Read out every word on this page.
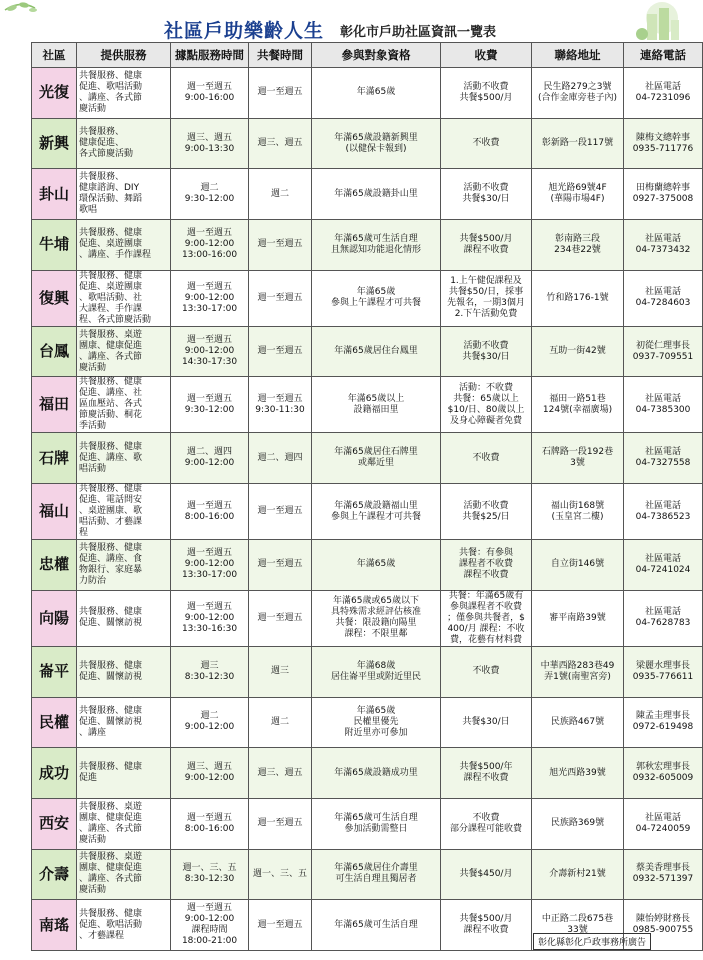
社區戶助樂齡人生 彰化市戶助社區資訊一覽表
社區	提供服務	據點服務時間	共餐時間	參與對象資格	收費	聯絡地址	連絡電話

光復	共餐服務、健康
促進、歌唱活動
、講座、各式節
慶活動	週一至週五
9:00-16:00	週一至週五	年滿65歲	活動不收費
共餐$500/月	民生路279之3號
(合作金庫旁巷子內)	社區電話
04-7231096

新興	共餐服務、
健康促進、
各式節慶活動	週三、週五
9:00-13:30	週三、週五	年滿65歲設籍新興里
(以健保卡報到)	不收費	彰新路一段117號	陳梅文總幹事
0935-711776

卦山	共餐服務、
健康諮詢、DIY
環保活動、舞蹈
歌唱	週二
9:30-12:00	週二	年滿65歲設籍卦山里	活動不收費
共餐$30/日	旭光路69號4F
(華陽市場4F)	田梅蘭總幹事
0927-375008

牛埔	共餐服務、健康
促進、桌遊團康
、講座、手作課程	週一至週五
9:00-12:00
13:00-16:00	週一至週五	年滿65歲可生活自理
且無認知功能退化情形	共餐$500/月
課程不收費	彰南路三段
234巷22號	社區電話
04-7373432

復興	共餐服務、健康
促進、桌遊團康
、歌唱活動、社
大課程、手作課
程、各式節慶活動	週一至週五
9:00-12:00
13:30-17:00	週一至週五	年滿65歲
參與上午課程才可共餐	1.上午健促課程及
共餐$50/日，採事
先報名，一期3個月
2.下午活動免費	竹和路176-1號	社區電話
04-7284603

台鳳	共餐服務、桌遊
團康、健康促進
、講座、各式節
慶活動	週一至週五
9:00-12:00
14:30-17:30	週一至週五	年滿65歲居住台鳳里	活動不收費
共餐$30/日	互助一街42號	初從仁理事長
0937-709551

福田	共餐服務、健康
促進、講座、社
區血壓站、各式
節慶活動、桐花
季活動	週一至週五
9:30-12:00	週一至週五
9:30-11:30	年滿65歲以上
設籍福田里	活動：不收費
共餐：65歲以上
$10/日、80歲以上
及身心障礙者免費	福田一路51巷
124號(幸福廣場)	社區電話
04-7385300

石牌	共餐服務、健康
促進、講座、歌
唱活動	週二、週四
9:00-12:00	週二、週四	年滿65歲居住石牌里
或鄰近里	不收費	石牌路一段192巷
3號	社區電話
04-7327558

福山	共餐服務、健康
促進、電話問安
、桌遊團康、歌
唱活動、才藝課
程	週一至週五
8:00-16:00	週一至週五	年滿65歲設籍福山里
參與上午課程才可共餐	活動不收費
共餐$25/日	福山街168號
(玉皇宮二樓)	社區電話
04-7386523

忠權	共餐服務、健康
促進、講座、食
物銀行、家庭暴
力防治	週一至週五
9:00-12:00
13:30-17:00	週一至週五	年滿65歲	共餐：有參與
課程者不收費
課程不收費	自立街146號	社區電話
04-7241024

向陽	共餐服務、健康
促進、關懷訪視	週一至週五
9:00-12:00
13:30-16:30	週一至週五	年滿65歲或65歲以下
具特殊需求經評估核准
共餐：限設籍向陽里
課程：不限里鄰	共餐：年滿65歲有
參與課程者不收費
；僅參與共餐者，$
400/月 課程：不收
費，花藝有材料費	審平南路39號	社區電話
04-7628783

崙平	共餐服務、健康
促進、關懷訪視	週三
8:30-12:30	週三	年滿68歲
居住崙平里或附近里民	不收費	中華西路283巷49
弄1號(南聖宮旁)	梁麗水理事長
0935-776611

民權	共餐服務、健康
促進、關懷訪視
、講座	週二
9:00-12:00	週二	年滿65歲
民權里優先
附近里亦可參加	共餐$30/日	民族路467號	陳孟圭理事長
0972-619498

成功	共餐服務、健康
促進	週三、週五
9:00-12:00	週三、週五	年滿65歲設籍成功里	共餐$500/年
課程不收費	旭光西路39號	郭秋宏理事長
0932-605009

西安	共餐服務、桌遊
團康、健康促進
、講座、各式節
慶活動	週一至週五
8:00-16:00	週一至週五	年滿65歲可生活自理
參加活動需整日	不收費
部分課程可能收費	民族路369號	社區電話
04-7240059

介壽	共餐服務、桌遊
團康、健康促進
、講座、各式節
慶活動	週一、三、五
8:30-12:30	週一、三、五	年滿65歲居住介壽里
可生活自理且獨居者	共餐$450/月	介壽新村21號	蔡美香理事長
0932-571397

南瑤	共餐服務、健康
促進、歌唱活動
、才藝課程	週一至週五
9:00-12:00
課程時間
18:00-21:00	週一至週五	年滿65歲可生活自理	共餐$500/月
課程不收費	中正路二段675巷
33號	陳怡婷財務長
0985-900755
彰化縣彰化戶政事務所廣告
